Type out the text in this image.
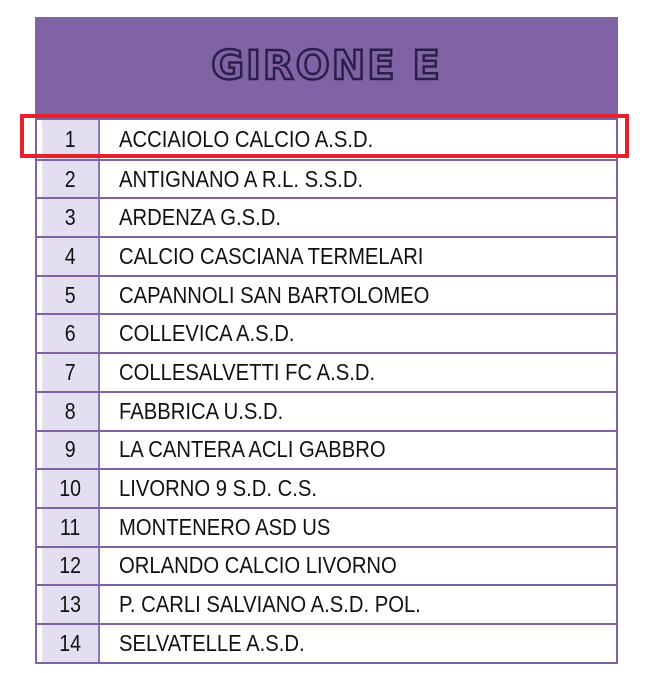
GIRONE E
1	ACCIAIOLO CALCIO A.S.D.
2	ANTIGNANO A R.L. S.S.D.
3	ARDENZA G.S.D.
4	CALCIO CASCIANA TERMELARI
5	CAPANNOLI SAN BARTOLOMEO
6	COLLEVICA A.S.D.
7	COLLESALVETTI FC A.S.D.
8	FABBRICA U.S.D.
9	LA CANTERA ACLI GABBRO
10	LIVORNO 9 S.D. C.S.
11	MONTENERO ASD US
12	ORLANDO CALCIO LIVORNO
13	P. CARLI SALVIANO A.S.D. POL.
14	SELVATELLE A.S.D.
